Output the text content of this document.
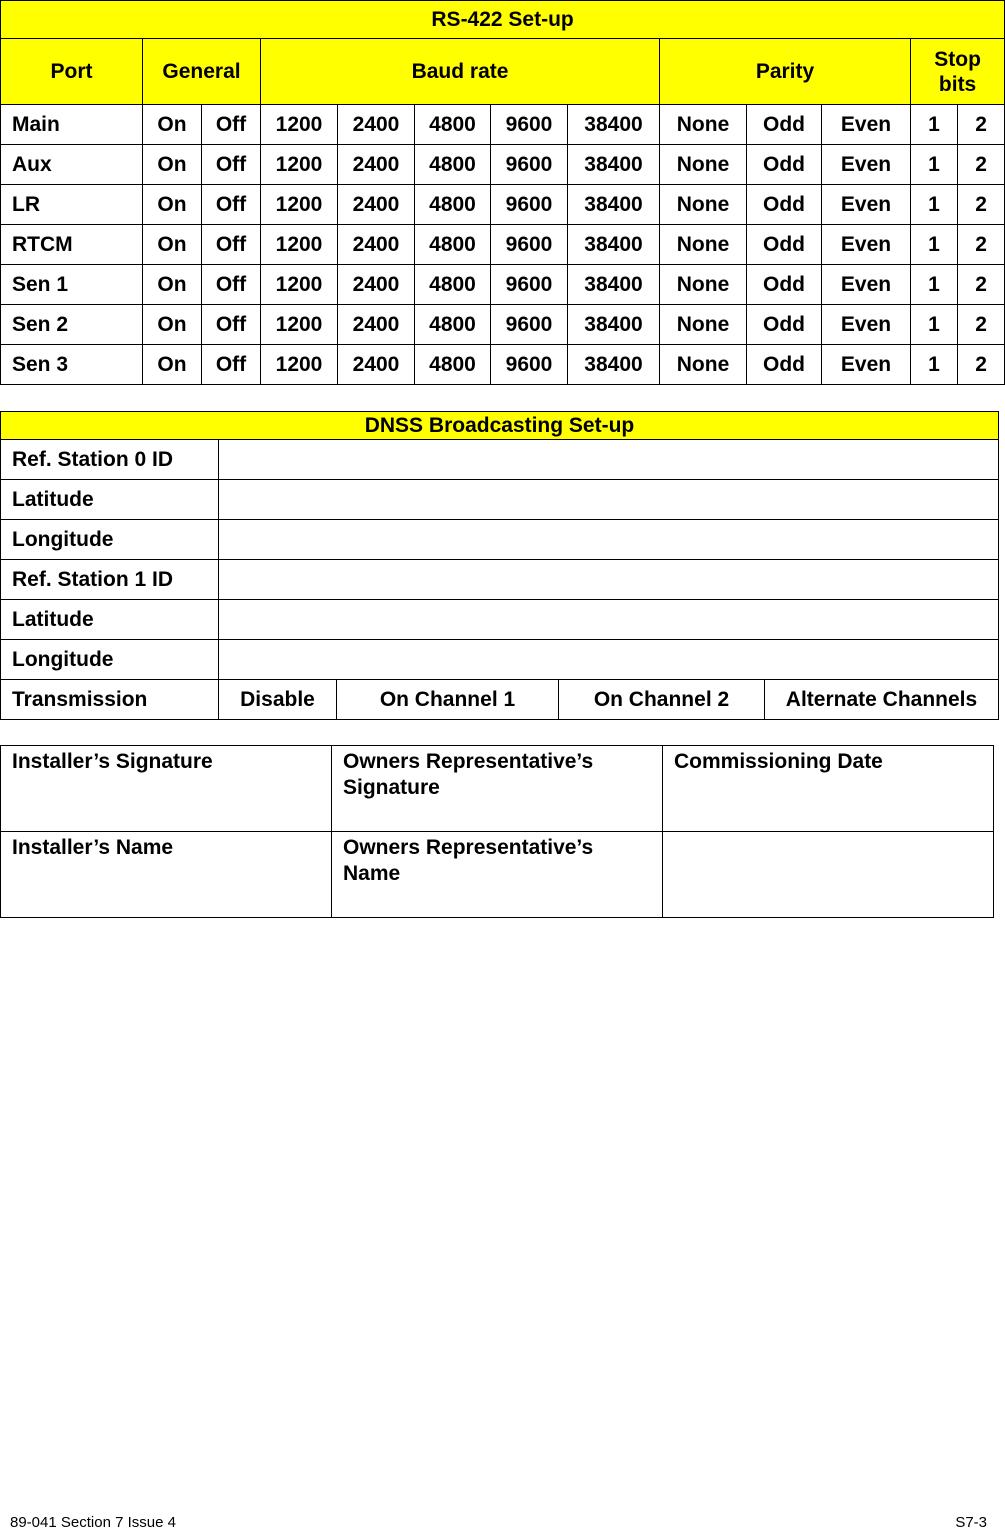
RS-422 Set-up												
Port	General		Baud rate					Parity			Stop
bits	
Main	On	Off	1200	2400	4800	9600	38400	None	Odd	Even	1	2
Aux	On	Off	1200	2400	4800	9600	38400	None	Odd	Even	1	2
LR	On	Off	1200	2400	4800	9600	38400	None	Odd	Even	1	2
RTCM	On	Off	1200	2400	4800	9600	38400	None	Odd	Even	1	2
Sen 1	On	Off	1200	2400	4800	9600	38400	None	Odd	Even	1	2
Sen 2	On	Off	1200	2400	4800	9600	38400	None	Odd	Even	1	2
Sen 3	On	Off	1200	2400	4800	9600	38400	None	Odd	Even	1	2
DNSS Broadcasting Set-up				
Ref. Station 0 ID				
Latitude				
Longitude				
Ref. Station 1 ID				
Latitude				
Longitude				
Transmission	Disable	On Channel 1	On Channel 2	Alternate Channels
Installer’s Signature	Owners Representative’s Signature	Commissioning Date
Installer’s Name	Owners Representative’s Name	
89-041 Section 7 Issue 4	S7-3
